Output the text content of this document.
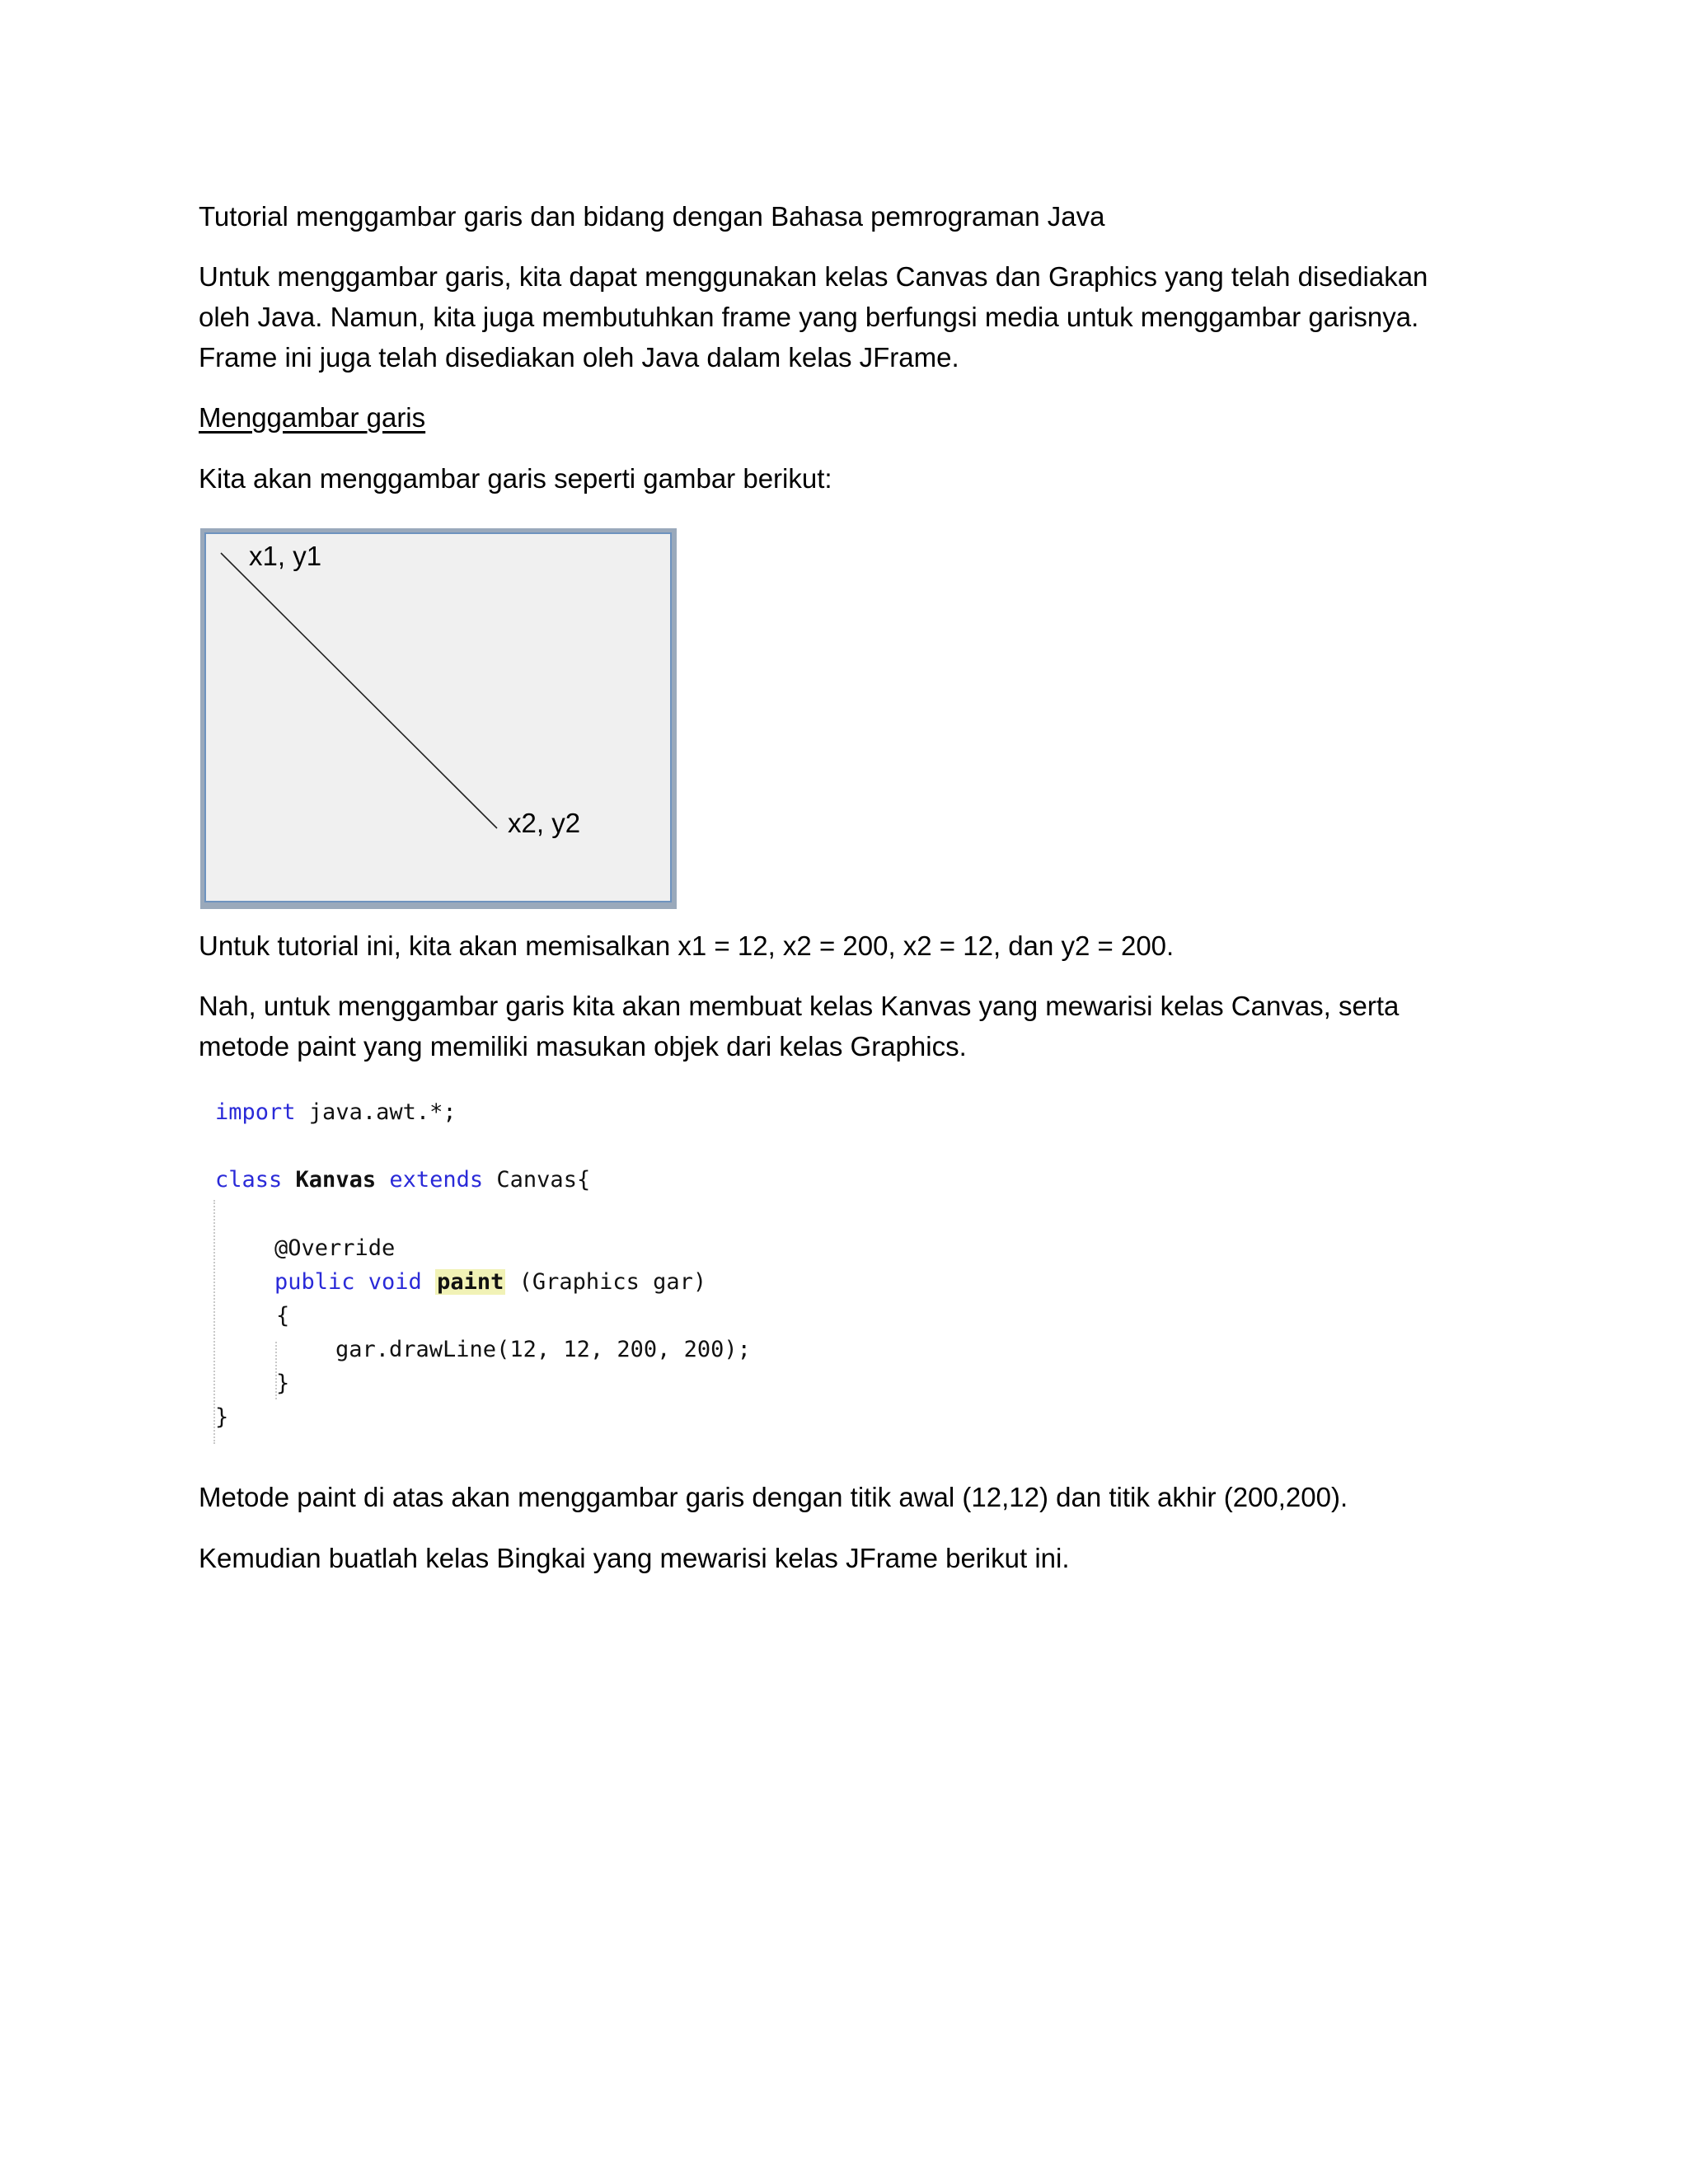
Tutorial menggambar garis dan bidang dengan Bahasa pemrograman Java

Untuk menggambar garis, kita dapat menggunakan kelas Canvas dan Graphics yang telah disediakan
oleh Java. Namun, kita juga membutuhkan frame yang berfungsi media untuk menggambar garisnya.
Frame ini juga telah disediakan oleh Java dalam kelas JFrame.

Menggambar garis

Kita akan menggambar garis seperti gambar berikut:

x1, y1
x2, y2

Untuk tutorial ini, kita akan memisalkan x1 = 12, x2 = 200, x2 = 12, dan y2 = 200.

Nah, untuk menggambar garis kita akan membuat kelas Kanvas yang mewarisi kelas Canvas, serta
metode paint yang memiliki masukan objek dari kelas Graphics.

import java.awt.*;
class Kanvas extends Canvas{
@Override
public void paint (Graphics gar)
{
gar.drawLine(12, 12, 200, 200);
}
}

Metode paint di atas akan menggambar garis dengan titik awal (12,12) dan titik akhir (200,200).

Kemudian buatlah kelas Bingkai yang mewarisi kelas JFrame berikut ini.
